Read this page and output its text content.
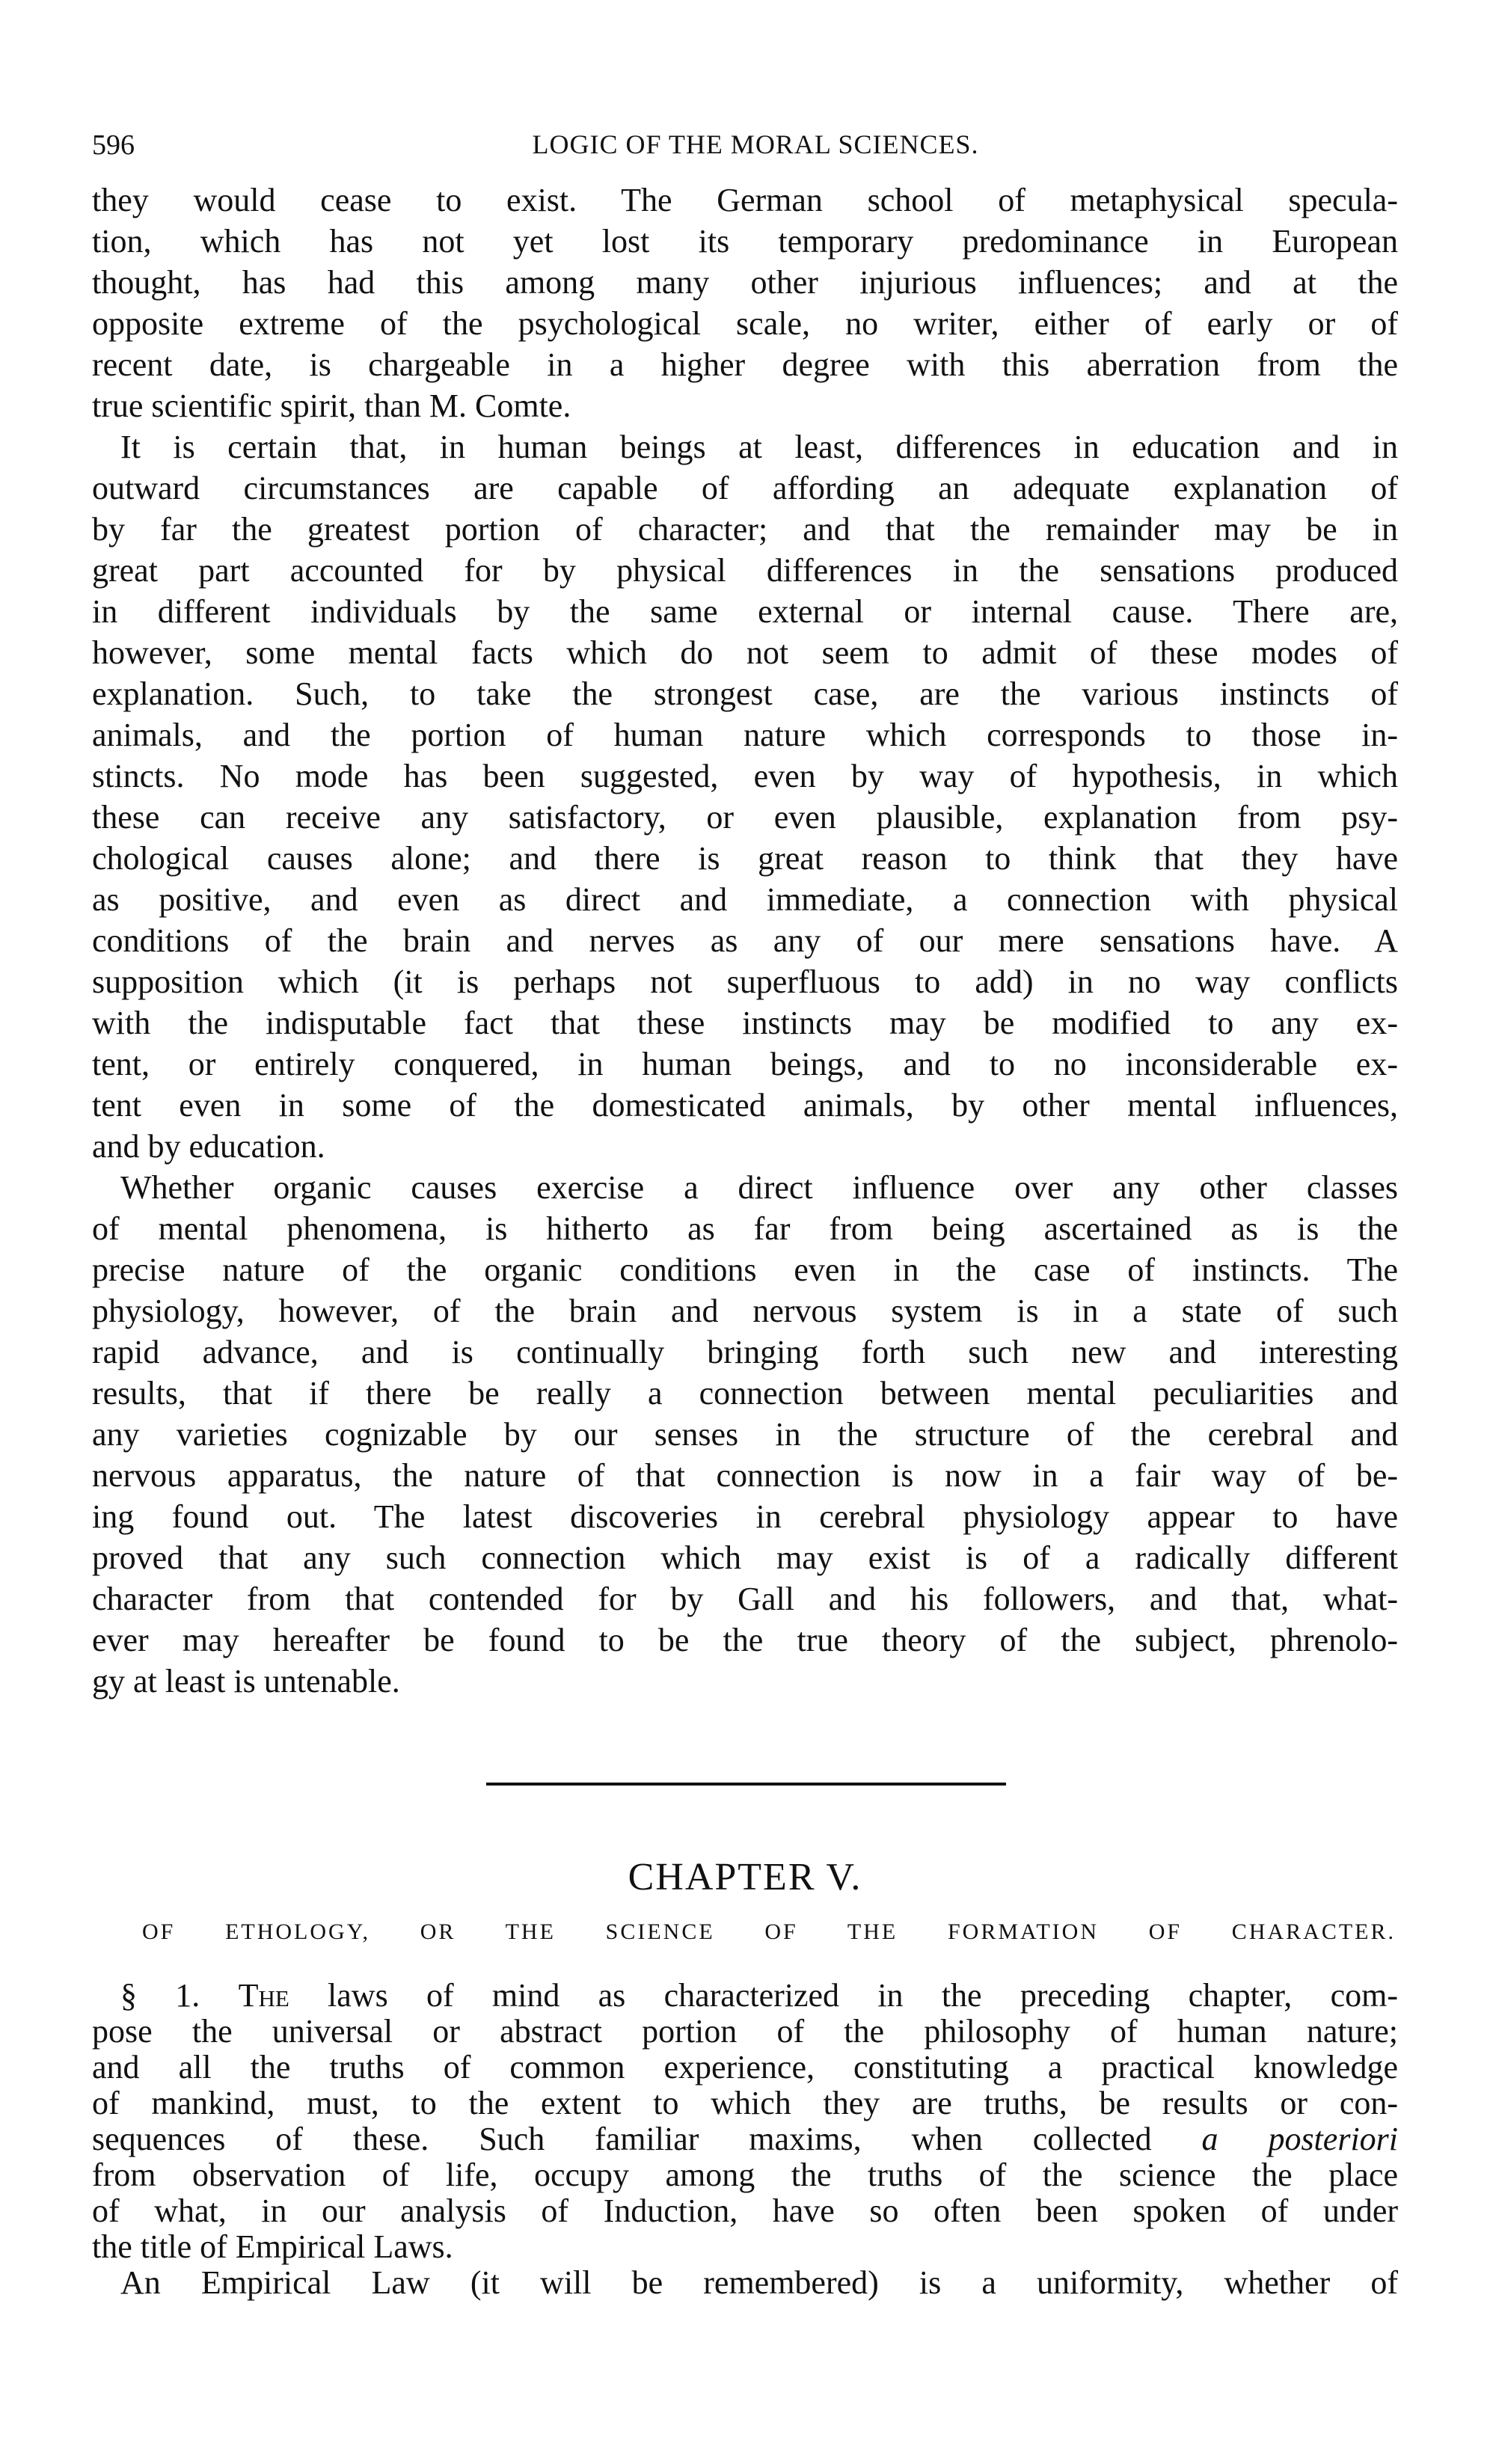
596	LOGIC OF THE MORAL SCIENCES.
they would cease to exist. The German school of metaphysical specula-
tion, which has not yet lost its temporary predominance in European
thought, has had this among many other injurious influences; and at the
opposite extreme of the psychological scale, no writer, either of early or of
recent date, is chargeable in a higher degree with this aberration from the
true scientific spirit, than M. Comte.
It is certain that, in human beings at least, differences in education and in
outward circumstances are capable of affording an adequate explanation of
by far the greatest portion of character; and that the remainder may be in
great part accounted for by physical differences in the sensations produced
in different individuals by the same external or internal cause. There are,
however, some mental facts which do not seem to admit of these modes of
explanation. Such, to take the strongest case, are the various instincts of
animals, and the portion of human nature which corresponds to those in-
stincts. No mode has been suggested, even by way of hypothesis, in which
these can receive any satisfactory, or even plausible, explanation from psy-
chological causes alone; and there is great reason to think that they have
as positive, and even as direct and immediate, a connection with physical
conditions of the brain and nerves as any of our mere sensations have. A
supposition which (it is perhaps not superfluous to add) in no way conflicts
with the indisputable fact that these instincts may be modified to any ex-
tent, or entirely conquered, in human beings, and to no inconsiderable ex-
tent even in some of the domesticated animals, by other mental influences,
and by education.
Whether organic causes exercise a direct influence over any other classes
of mental phenomena, is hitherto as far from being ascertained as is the
precise nature of the organic conditions even in the case of instincts. The
physiology, however, of the brain and nervous system is in a state of such
rapid advance, and is continually bringing forth such new and interesting
results, that if there be really a connection between mental peculiarities and
any varieties cognizable by our senses in the structure of the cerebral and
nervous apparatus, the nature of that connection is now in a fair way of be-
ing found out. The latest discoveries in cerebral physiology appear to have
proved that any such connection which may exist is of a radically different
character from that contended for by Gall and his followers, and that, what-
ever may hereafter be found to be the true theory of the subject, phrenolo-
gy at least is untenable.
CHAPTER V.
OF ETHOLOGY, OR THE SCIENCE OF THE FORMATION OF CHARACTER.
§ 1. The laws of mind as characterized in the preceding chapter, com-
pose the universal or abstract portion of the philosophy of human nature;
and all the truths of common experience, constituting a practical knowledge
of mankind, must, to the extent to which they are truths, be results or con-
sequences of these. Such familiar maxims, when collected a posteriori
from observation of life, occupy among the truths of the science the place
of what, in our analysis of Induction, have so often been spoken of under
the title of Empirical Laws.
An Empirical Law (it will be remembered) is a uniformity, whether of
